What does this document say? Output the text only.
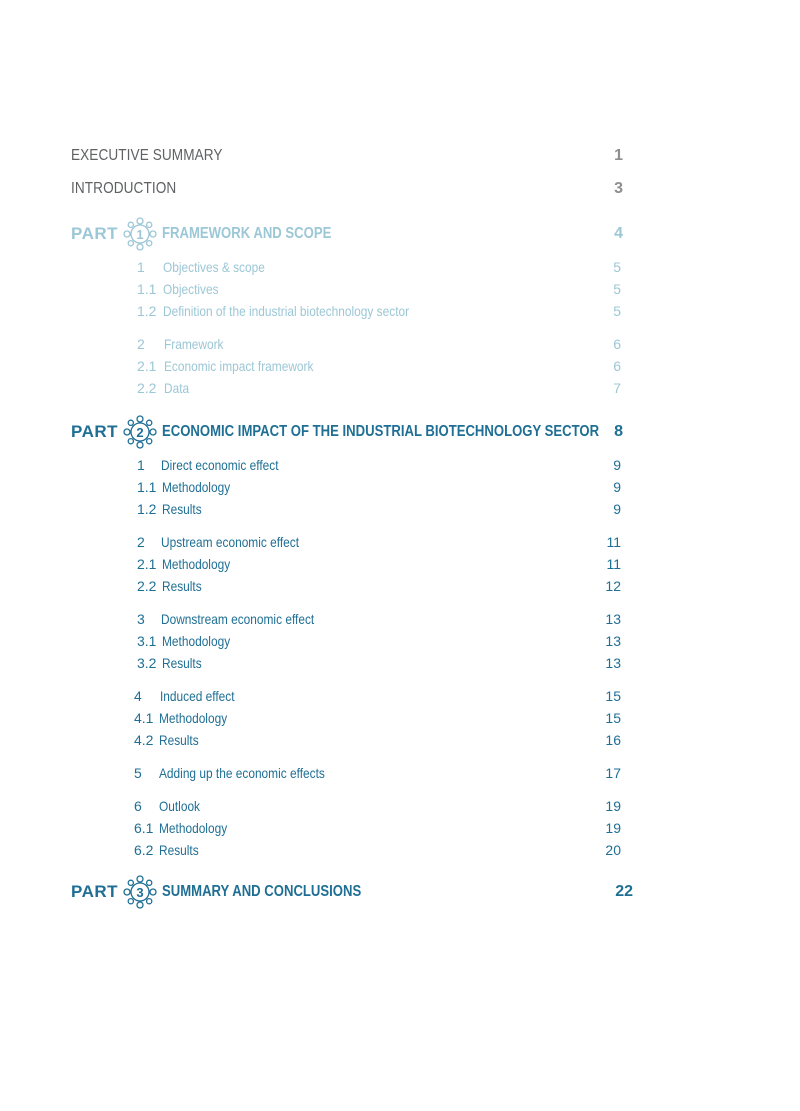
EXECUTIVE SUMMARY	1
INTRODUCTION	3
PART 1 FRAMEWORK AND SCOPE	4
1 Objectives & scope	5
1.1 Objectives	5
1.2 Definition of the industrial biotechnology sector	5
2 Framework	6
2.1 Economic impact framework	6
2.2 Data	7
PART 2 ECONOMIC IMPACT OF THE INDUSTRIAL BIOTECHNOLOGY SECTOR 8
1 Direct economic effect	9
1.1 Methodology	9
1.2 Results	9
2 Upstream economic effect	11
2.1 Methodology	11
2.2 Results	12
3 Downstream economic effect	13
3.1 Methodology	13
3.2 Results	13
4 Induced effect	15
4.1 Methodology	15
4.2 Results	16
5 Adding up the economic effects	17
6 Outlook	19
6.1 Methodology	19
6.2 Results	20
PART 3 SUMMARY AND CONCLUSIONS	22
